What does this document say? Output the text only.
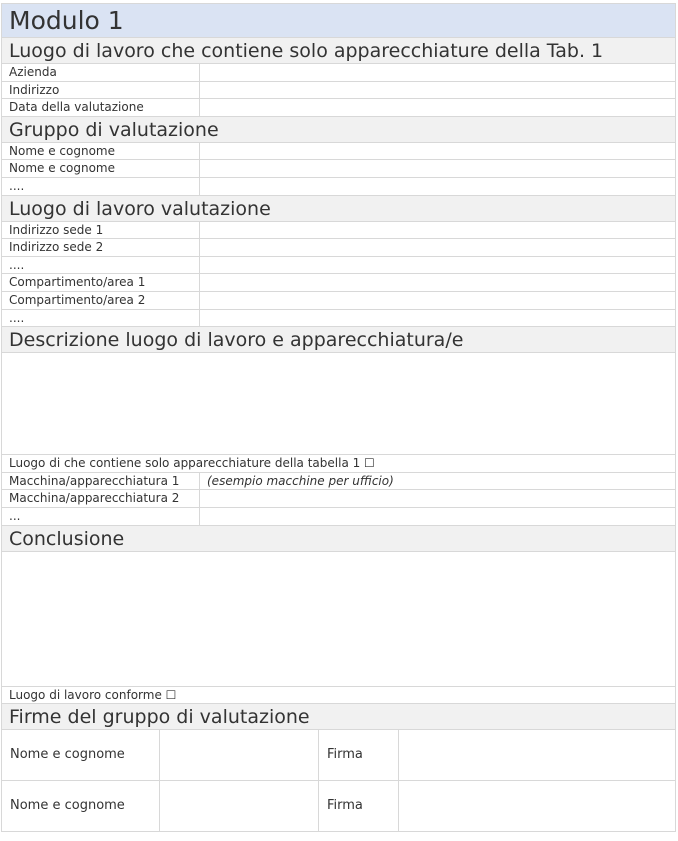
Modulo 1
Luogo di lavoro che contiene solo apparecchiature della Tab. 1
Azienda
Indirizzo
Data della valutazione
Gruppo di valutazione
Nome e cognome
Nome e cognome
....
Luogo di lavoro valutazione
Indirizzo sede 1
Indirizzo sede 2
....
Compartimento/area 1
Compartimento/area 2
....
Descrizione luogo di lavoro e apparecchiatura/e
Luogo di che contiene solo apparecchiature della tabella 1 ☐
Macchina/apparecchiatura 1	(esempio macchine per ufficio)
Macchina/apparecchiatura 2
...
Conclusione
Luogo di lavoro conforme ☐
Firme del gruppo di valutazione
Nome e cognome	Firma
Nome e cognome	Firma
